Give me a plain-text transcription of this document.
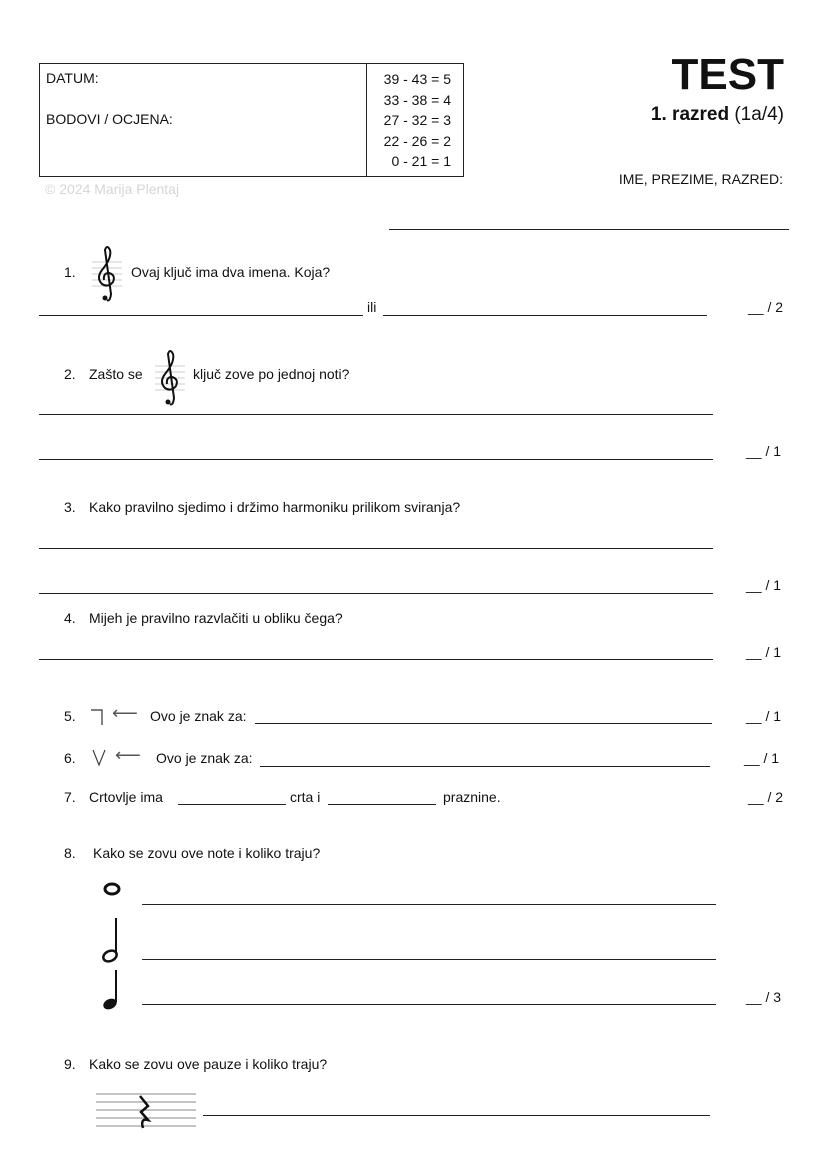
DATUM:
BODOVI / OCJENA:
39 - 43 = 5
33 - 38 = 4
27 - 32 = 3
22 - 26 = 2
0 - 21 = 1
© 2024 Marija Plentaj
TEST
1. razred (1a/4)
IME, PREZIME, RAZRED:
1.	Ovaj ključ ima dva imena. Koja?
ili	__ / 2
2. Zašto se	ključ zove po jednoj noti?
__ / 1
3. Kako pravilno sjedimo i držimo harmoniku prilikom sviranja?
__ / 1
4. Mijeh je pravilno razvlačiti u obliku čega?
__ / 1
5. ⟵ Ovo je znak za:	__ / 1
6. ⟵ Ovo je znak za:	__ / 1
7. Crtovlje ima	crta i	praznine.	__ / 2
8. Kako se zovu ove note i koliko traju?
__ / 3
9. Kako se zovu ove pauze i koliko traju?
